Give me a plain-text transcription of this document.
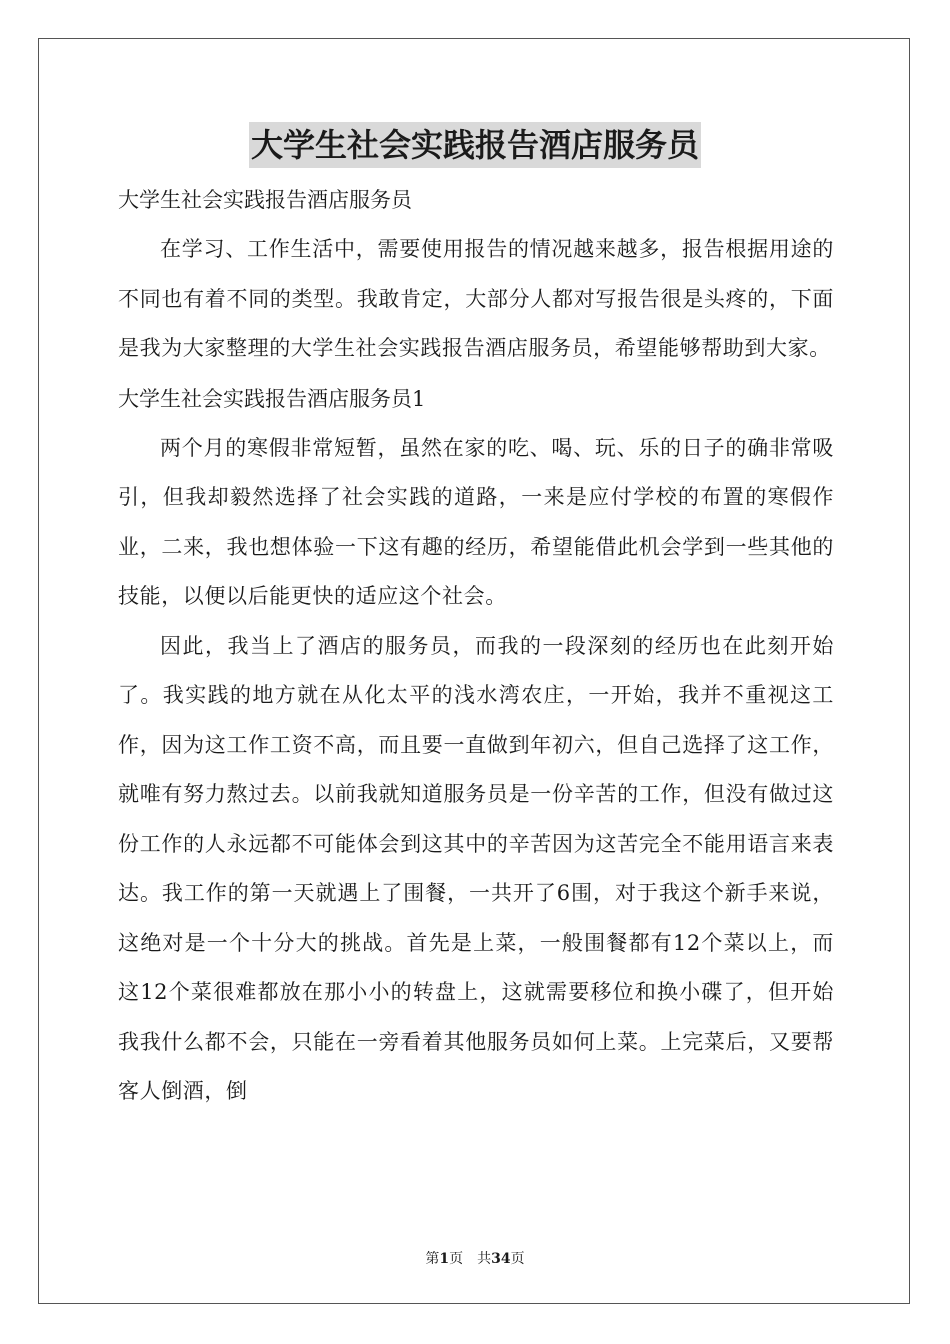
大学生社会实践报告酒店服务员
大学生社会实践报告酒店服务员

在学习、工作生活中，需要使用报告的情况越来越多，报告根据用途的不同也有着不同的类型。我敢肯定，大部分人都对写报告很是头疼的，下面是我为大家整理的大学生社会实践报告酒店服务员，希望能够帮助到大家。

大学生社会实践报告酒店服务员1

两个月的寒假非常短暂，虽然在家的吃、喝、玩、乐的日子的确非常吸引，但我却毅然选择了社会实践的道路，一来是应付学校的布置的寒假作业，二来，我也想体验一下这有趣的经历，希望能借此机会学到一些其他的技能，以便以后能更快的适应这个社会。

因此，我当上了酒店的服务员，而我的一段深刻的经历也在此刻开始了。我实践的地方就在从化太平的浅水湾农庄，一开始，我并不重视这工作，因为这工作工资不高，而且要一直做到年初六，但自己选择了这工作，就唯有努力熬过去。以前我就知道服务员是一份辛苦的工作，但没有做过这份工作的人永远都不可能体会到这其中的辛苦因为这苦完全不能用语言来表达。我工作的第一天就遇上了围餐，一共开了6围，对于我这个新手来说，这绝对是一个十分大的挑战。首先是上菜，一般围餐都有12个菜以上，而这12个菜很难都放在那小小的转盘上，这就需要移位和换小碟了，但开始我我什么都不会，只能在一旁看着其他服务员如何上菜。上完菜后，又要帮客人倒酒，倒

第1页　共34页
